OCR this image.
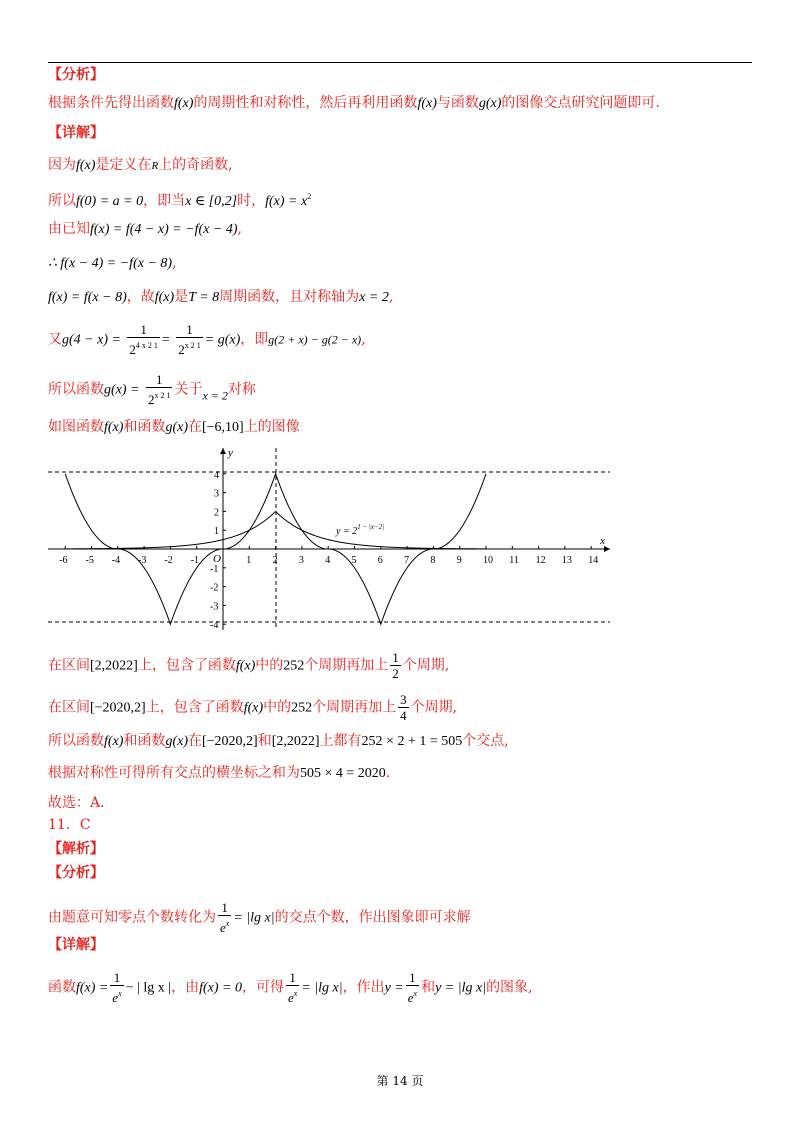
【分析】
根据条件先得出函数f(x)的周期性和对称性，然后再利用函数f(x)与函数g(x)的图像交点研究问题即可.
【详解】
因为f(x)是定义在R上的奇函数,
所以f(0) = a = 0，即当x ∈ [0,2]时，$f(x) = x^2$
由已知f(x) = f(4 − x) = −f(x − 4),
∴ f(x − 4) = −f(x − 8),
f(x) = f(x − 8)，故f(x)是T = 8周期函数，且对称轴为x = 2,
又$g(4 - x) = \frac{1}{2^{4 x 2 1}} = \frac{1}{2^{x 2 1}} = g(x)$，即g(2 + x) − g(2 − x),
所以函数$g(x) = \frac{1}{2^{x 2 1}}$ 关于x = 2对称
如图函数f(x)和函数g(x)在[−6,10]上的图像
-6 -5 -4 -3 -2 -1	1 2 3 4 5 6 7 8 9 10 11 12 13 14
4
3
2
1
-1
-2
-3
-4
x
y
O
$y = 2^{1 - |x-2|}$
在区间[2,2022]上，包含了函数f(x)中的252个周期再加上 $\frac{1}{2}$ 个周期,
在区间[−2020,2]上，包含了函数f(x)中的252个周期再加上 $\frac{3}{4}$ 个周期,
所以函数f(x)和函数g(x)在[−2020,2]和[2,2022]上都有252 × 2 + 1 = 505个交点,
根据对称性可得所有交点的横坐标之和为505 × 4 = 2020.
故选：A.
11．C
【解析】
【分析】
由题意可知零点个数转化为 $\frac{1}{e^x} = |\lg$ x|的交点个数，作出图象即可求解
【详解】
函数$f(x) = \frac{1}{e^x}$ − | lg x |，由f(x) = 0，可得 $\frac{1}{e^x} = |\lg$ x|，作出$y = \frac{1}{e^x}$ 和y = |lg x|的图象,
第 14 页
